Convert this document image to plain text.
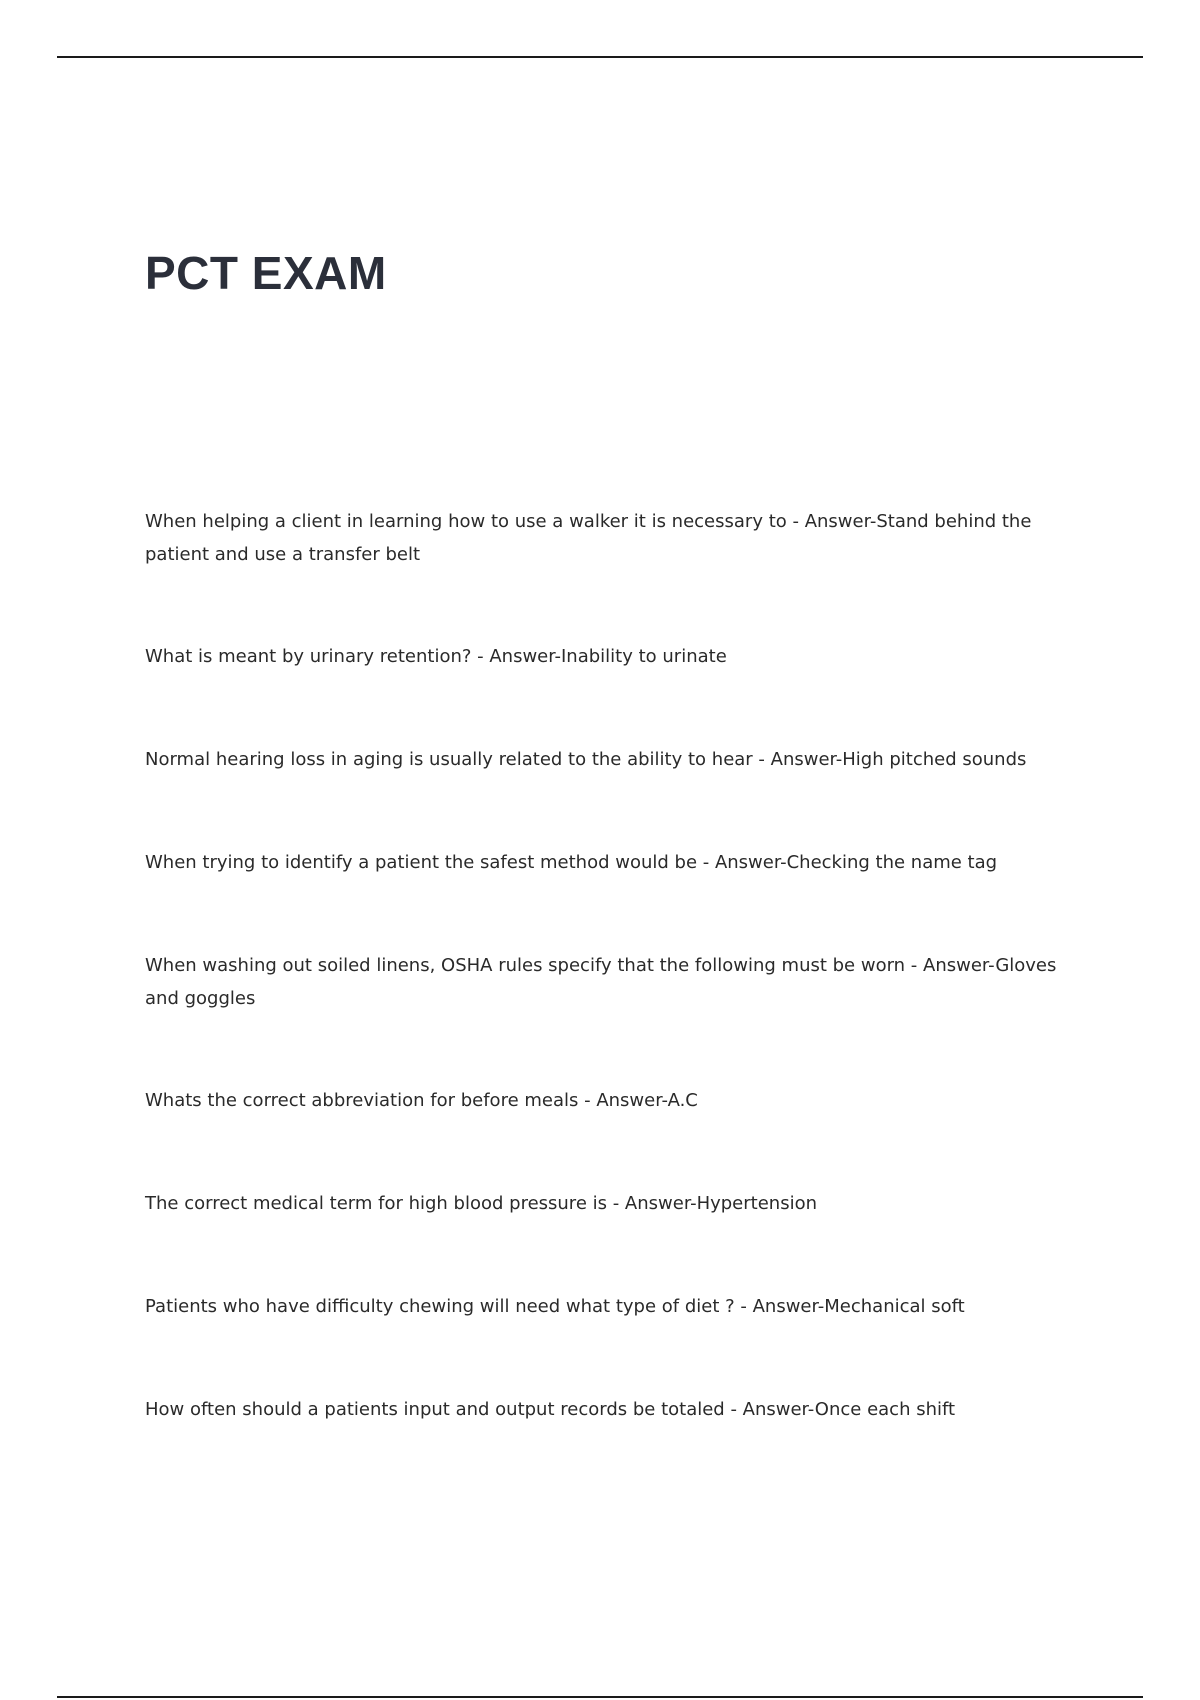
PCT EXAM
When helping a client in learning how to use a walker it is necessary to - Answer-Stand behind the patient and use a transfer belt
What is meant by urinary retention? - Answer-Inability to urinate
Normal hearing loss in aging is usually related to the ability to hear - Answer-High pitched sounds
When trying to identify a patient the safest method would be - Answer-Checking the name tag
When washing out soiled linens, OSHA rules specify that the following must be worn - Answer-Gloves and goggles
Whats the correct abbreviation for before meals - Answer-A.C
The correct medical term for high blood pressure is - Answer-Hypertension
Patients who have difficulty chewing will need what type of diet ? - Answer-Mechanical soft
How often should a patients input and output records be totaled - Answer-Once each shift
